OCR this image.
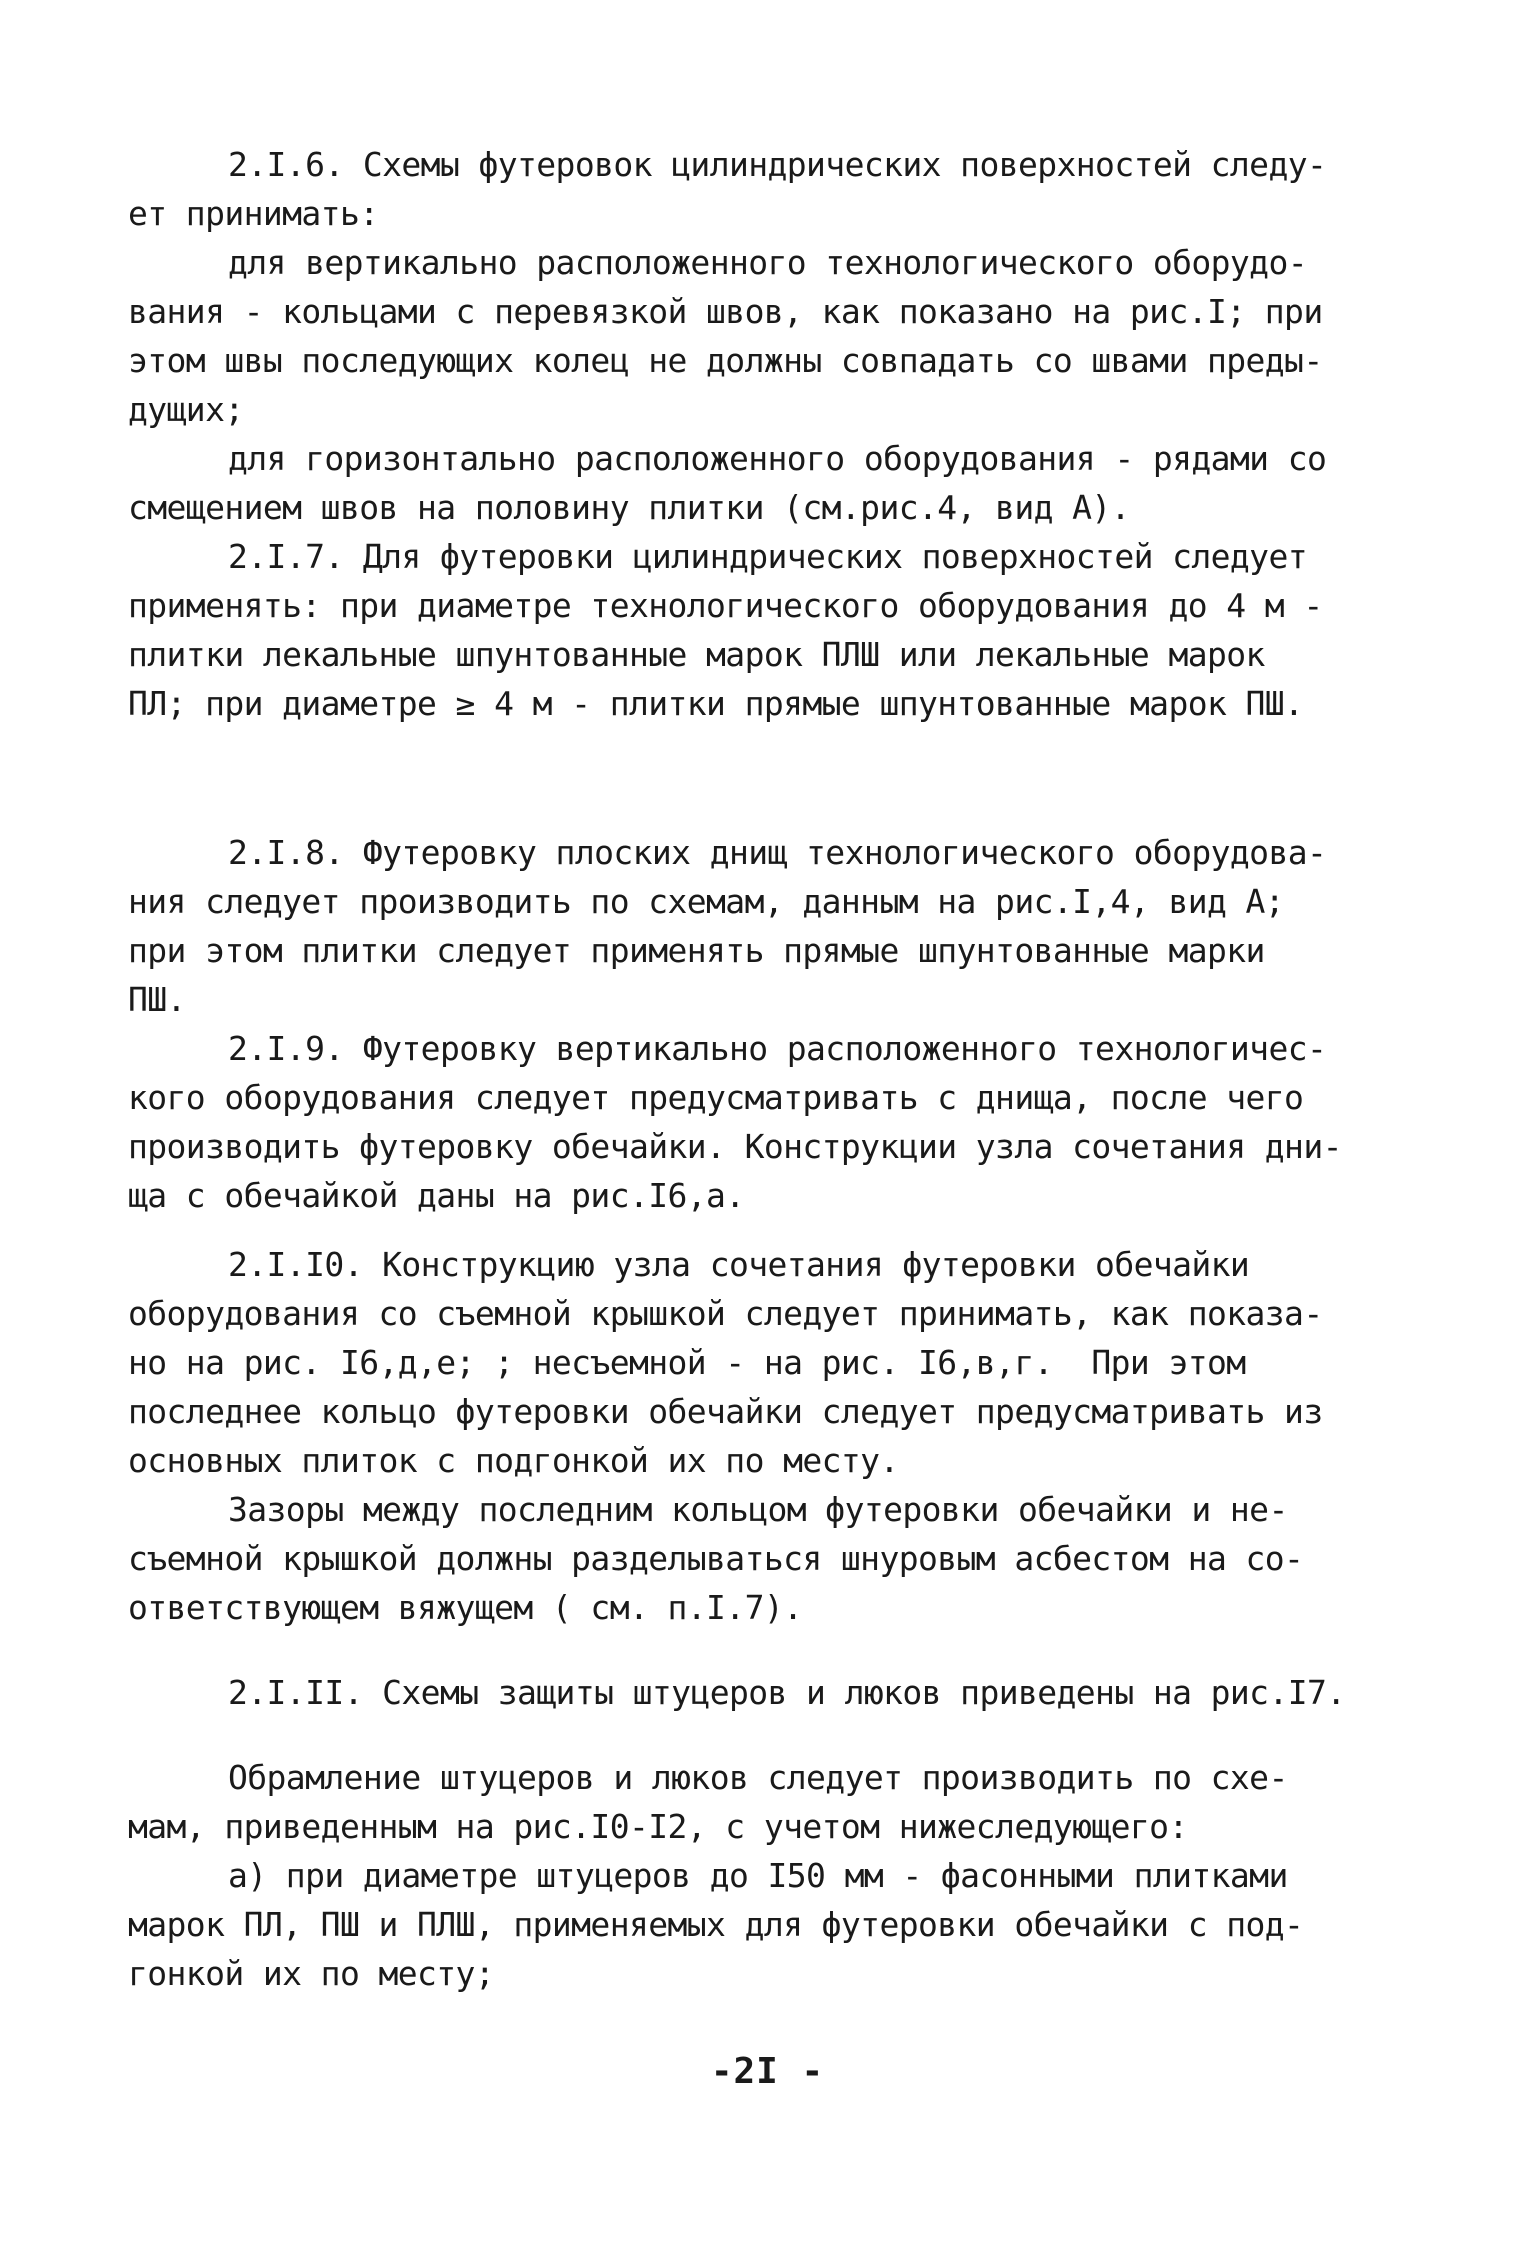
2.I.6. Схемы футеровок цилиндрических поверхностей следу-
ет принимать:
для вертикально расположенного технологического оборудо-
вания - кольцами с перевязкой швов, как показано на рис.I; при
этом швы последующих колец не должны совпадать со швами преды-
дущих;
для горизонтально расположенного оборудования - рядами со
смещением швов на половину плитки (см.рис.4, вид А).
2.I.7. Для футеровки цилиндрических поверхностей следует
применять: при диаметре технологического оборудования до 4 м -
плитки лекальные шпунтованные марок ПЛШ или лекальные марок
ПЛ; при диаметре ≥ 4 м - плитки прямые шпунтованные марок ПШ.
2.I.8. Футеровку плоских днищ технологического оборудова-
ния следует производить по схемам, данным на рис.I,4, вид А;
при этом плитки следует применять прямые шпунтованные марки
ПШ.
2.I.9. Футеровку вертикально расположенного технологичес-
кого оборудования следует предусматривать с днища, после чего
производить футеровку обечайки. Конструкции узла сочетания дни-
ща с обечайкой даны на рис.I6,а.
2.I.I0. Конструкцию узла сочетания футеровки обечайки
оборудования со съемной крышкой следует принимать, как показа-
но на рис. I6,д,е; ; несъемной - на рис. I6,в,г.  При этом
последнее кольцо футеровки обечайки следует предусматривать из
основных плиток с подгонкой их по месту.
Зазоры между последним кольцом футеровки обечайки и не-
съемной крышкой должны разделываться шнуровым асбестом на со-
ответствующем вяжущем ( см. п.I.7).
2.I.II. Схемы защиты штуцеров и люков приведены на рис.I7.
Обрамление штуцеров и люков следует производить по схе-
мам, приведенным на рис.I0-I2, с учетом нижеследующего:
а) при диаметре штуцеров до I50 мм - фасонными плитками
марок ПЛ, ПШ и ПЛШ, применяемых для футеровки обечайки с под-
гонкой их по месту;
-2I -
